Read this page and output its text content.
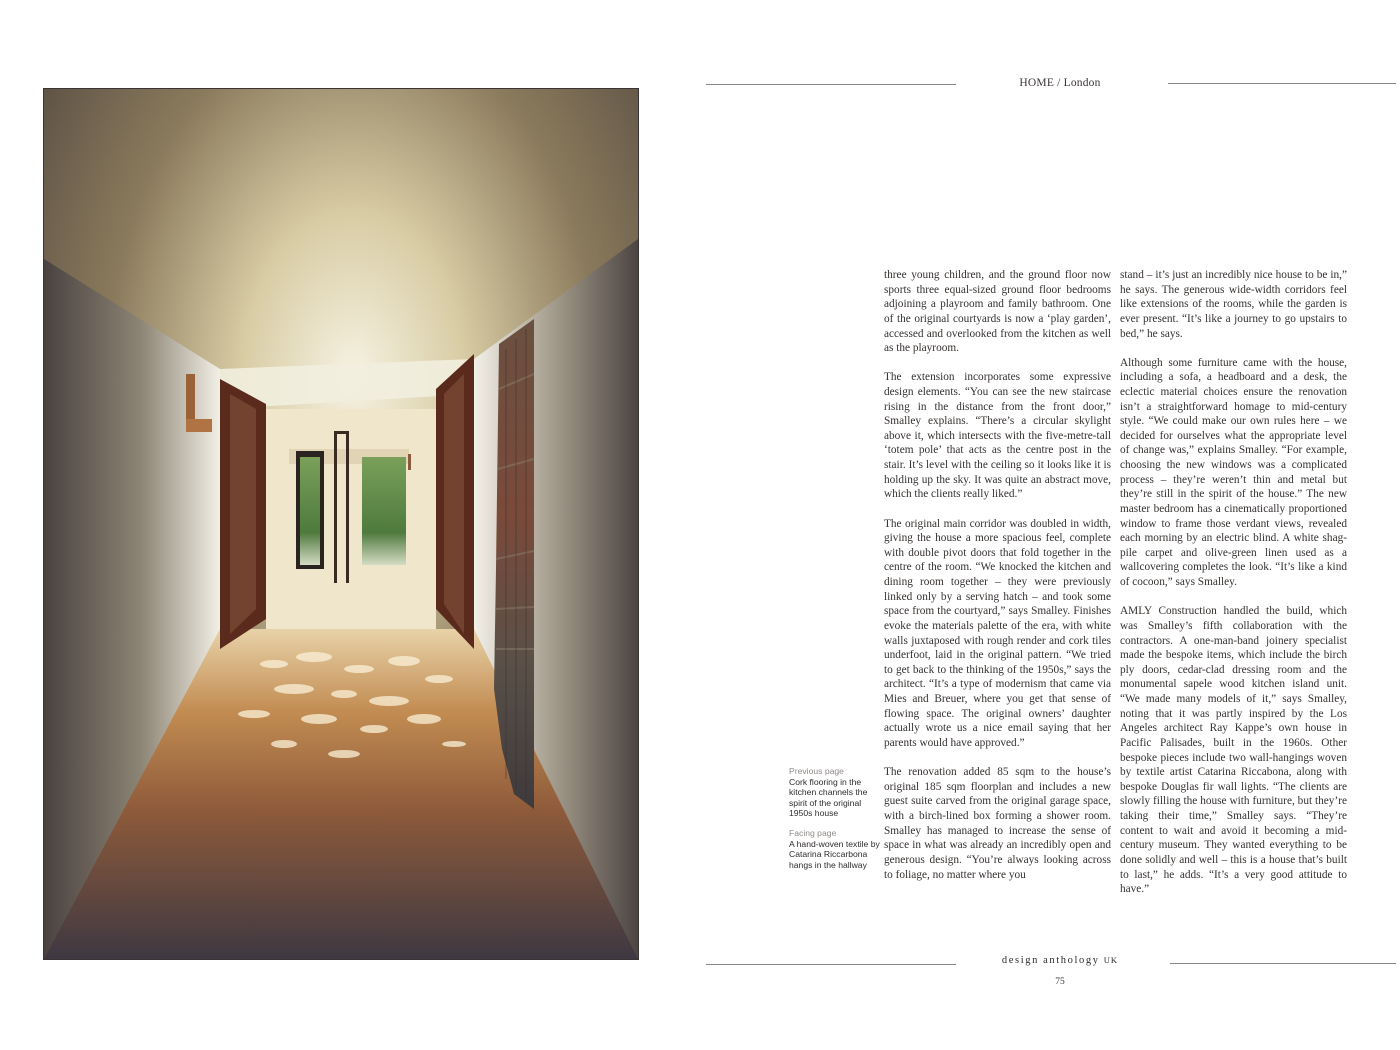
HOME / London
Previous page
Cork flooring in the kitchen channels the spirit of the original 1950s house
Facing page
A hand-woven textile by Catarina Riccarbona hangs in the hallway

three young children, and the ground floor now sports three equal-sized ground floor bedrooms adjoining a playroom and family bathroom. One of the original courtyards is now a ‘play garden’, accessed and overlooked from the kitchen as well as the playroom.

The extension incorporates some expressive design elements. “You can see the new staircase rising in the distance from the front door,” Smalley explains. “There’s a circular skylight above it, which intersects with the five-metre-tall ‘totem pole’ that acts as the centre post in the stair. It’s level with the ceiling so it looks like it is holding up the sky. It was quite an abstract move, which the clients really liked.”

The original main corridor was doubled in width, giving the house a more spacious feel, complete with double pivot doors that fold together in the centre of the room. “We knocked the kitchen and dining room together – they were previously linked only by a serving hatch – and took some space from the courtyard,” says Smalley. Finishes evoke the materials palette of the era, with white walls juxtaposed with rough render and cork tiles underfoot, laid in the original pattern. “We tried to get back to the thinking of the 1950s,” says the architect. “It’s a type of modernism that came via Mies and Breuer, where you get that sense of flowing space. The original owners’ daughter actually wrote us a nice email saying that her parents would have approved.”

The renovation added 85 sqm to the house’s original 185 sqm floorplan and includes a new guest suite carved from the original garage space, with a birch-lined box forming a shower room. Smalley has managed to increase the sense of space in what was already an incredibly open and generous design. “You’re always looking across to foliage, no matter where you

stand – it’s just an incredibly nice house to be in,” he says. The generous wide-width corridors feel like extensions of the rooms, while the garden is ever present. “It’s like a journey to go upstairs to bed,” he says.

Although some furniture came with the house, including a sofa, a headboard and a desk, the eclectic material choices ensure the renovation isn’t a straightforward homage to mid-century style. “We could make our own rules here – we decided for ourselves what the appropriate level of change was,” explains Smalley. “For example, choosing the new windows was a complicated process – they’re weren’t thin and metal but they’re still in the spirit of the house.” The new master bedroom has a cinematically proportioned window to frame those verdant views, revealed each morning by an electric blind. A white shag-pile carpet and olive-green linen used as a wallcovering completes the look. “It’s like a kind of cocoon,” says Smalley.

AMLY Construction handled the build, which was Smalley’s fifth collaboration with the contractors. A one-man-band joinery specialist made the bespoke items, which include the birch ply doors, cedar-clad dressing room and the monumental sapele wood kitchen island unit. “We made many models of it,” says Smalley, noting that it was partly inspired by the Los Angeles architect Ray Kappe’s own house in Pacific Palisades, built in the 1960s. Other bespoke pieces include two wall-hangings woven by textile artist Catarina Riccabona, along with bespoke Douglas fir wall lights. “The clients are slowly filling the house with furniture, but they’re taking their time,” Smalley says. “They’re content to wait and avoid it becoming a mid-century museum. They wanted everything to be done solidly and well – this is a house that’s built to last,” he adds. “It’s a very good attitude to have.”

design anthology UK
75
